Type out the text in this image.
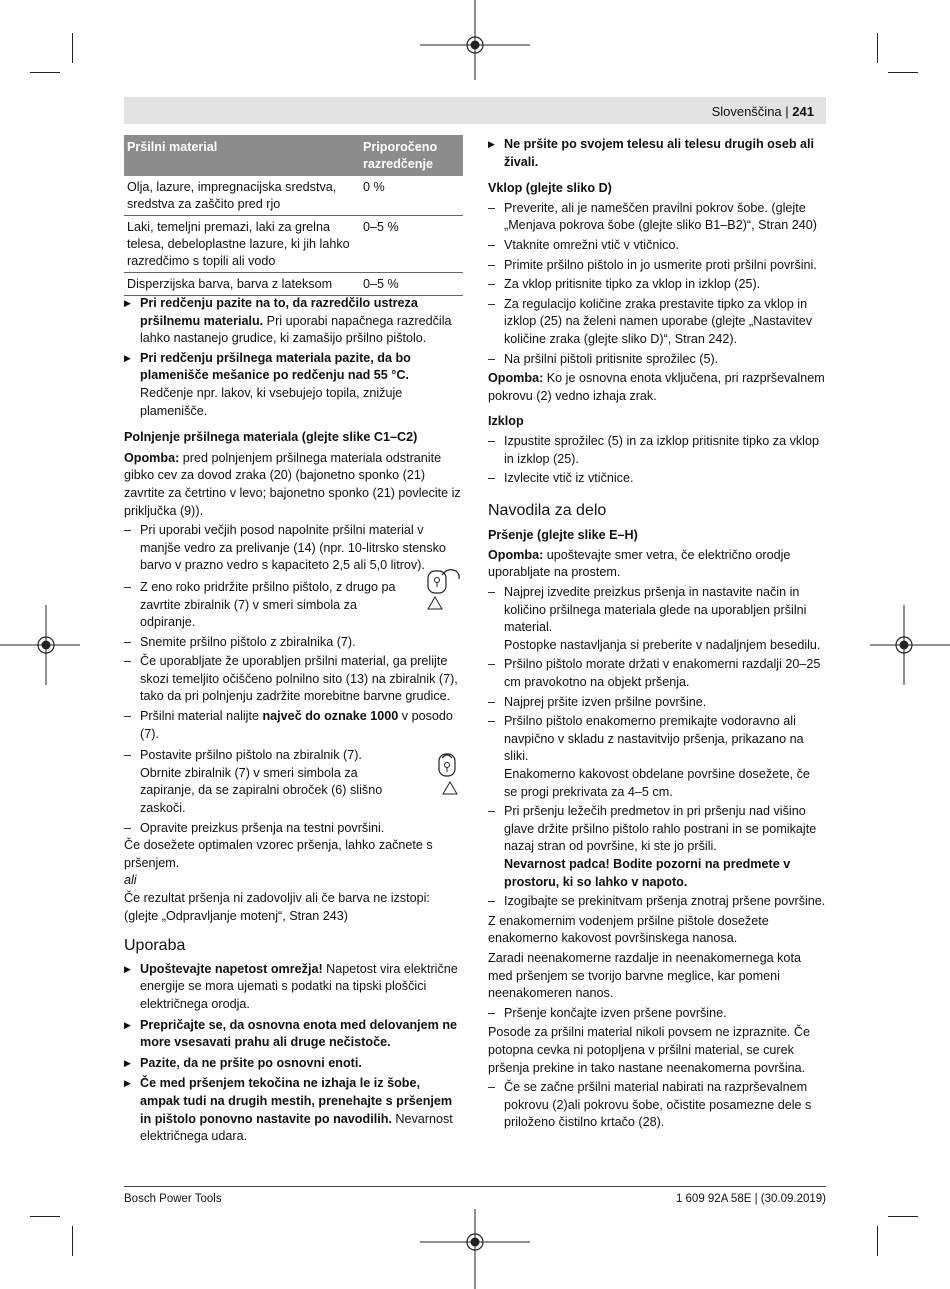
Slovenščina | 241
Pršilni material	Priporočeno razredčenje
Olja, lazure, impregnacijska sredstva, sredstva za zaščito pred rjo	0 %
Laki, temeljni premazi, laki za grelna telesa, debeloplastne lazure, ki jih lahko razredčimo s topili ali vodo	0–5 %
Disperzijska barva, barva z lateksom	0–5 %

▶ Pri redčenju pazite na to, da razredčilo ustreza pršilnemu materialu. Pri uporabi napačnega razredčila lahko nastanejo grudice, ki zamašijo pršilno pištolo.

▶ Pri redčenju pršilnega materiala pazite, da bo plamenišče mešanice po redčenju nad 55 °C. Redčenje npr. lakov, ki vsebujejo topila, znižuje plamenišče.

Polnjenje pršilnega materiala (glejte slike C1–C2)

Opomba: pred polnjenjem pršilnega materiala odstranite gibko cev za dovod zraka (20) (bajonetno sponko (21) zavrtite za četrtino v levo; bajonetno sponko (21) povlecite iz priključka (9)).

– Pri uporabi večjih posod napolnite pršilni material v manjše vedro za prelivanje (14) (npr. 10-litrsko stensko barvo v prazno vedro s kapaciteto 2,5 ali 5,0 litrov).

– Z eno roko pridržite pršilno pištolo, z drugo pa zavrtite zbiralnik (7) v smeri simbola za odpiranje.

– Snemite pršilno pištolo z zbiralnika (7).

– Če uporabljate že uporabljen pršilni material, ga prelijte skozi temeljito očiščeno polnilno sito (13) na zbiralnik (7), tako da pri polnjenju zadržite morebitne barvne grudice.

– Pršilni material nalijte največ do oznake 1000 v posodo (7).

– Postavite pršilno pištolo na zbiralnik (7). Obrnite zbiralnik (7) v smeri simbola za zapiranje, da se zapiralni obroček (6) slišno zaskoči.

– Opravite preizkus pršenja na testni površini.

Če dosežete optimalen vzorec pršenja, lahko začnete s pršenjem.

ali

Če rezultat pršenja ni zadovoljiv ali če barva ne izstopi: (glejte „Odpravljanje motenj“, Stran 243)

Uporaba

▶ Upoštevajte napetost omrežja! Napetost vira električne energije se mora ujemati s podatki na tipski ploščici električnega orodja.

▶ Prepričajte se, da osnovna enota med delovanjem ne more vsesavati prahu ali druge nečistoče.

▶ Pazite, da ne pršite po osnovni enoti.

▶ Če med pršenjem tekočina ne izhaja le iz šobe, ampak tudi na drugih mestih, prenehajte s pršenjem in pištolo ponovno nastavite po navodilih. Nevarnost električnega udara.

▶ Ne pršite po svojem telesu ali telesu drugih oseb ali živali.

Vklop (glejte sliko D)

– Preverite, ali je nameščen pravilni pokrov šobe. (glejte „Menjava pokrova šobe (glejte sliko B1–B2)“, Stran 240)

– Vtaknite omrežni vtič v vtičnico.

– Primite pršilno pištolo in jo usmerite proti pršilni površini.

– Za vklop pritisnite tipko za vklop in izklop (25).

– Za regulacijo količine zraka prestavite tipko za vklop in izklop (25) na želeni namen uporabe (glejte „Nastavitev količine zraka (glejte sliko D)“, Stran 242).

– Na pršilni pištoli pritisnite sprožilec (5).

Opomba: Ko je osnovna enota vključena, pri razprševalnem pokrovu (2) vedno izhaja zrak.

Izklop

– Izpustite sprožilec (5) in za izklop pritisnite tipko za vklop in izklop (25).

– Izvlecite vtič iz vtičnice.

Navodila za delo

Pršenje (glejte slike E–H)

Opomba: upoštevajte smer vetra, če električno orodje uporabljate na prostem.

– Najprej izvedite preizkus pršenja in nastavite način in količino pršilnega materiala glede na uporabljen pršilni material.
Postopke nastavljanja si preberite v nadaljnjem besedilu.

– Pršilno pištolo morate držati v enakomerni razdalji 20–25 cm pravokotno na objekt pršenja.

– Najprej pršite izven pršilne površine.

– Pršilno pištolo enakomerno premikajte vodoravno ali navpično v skladu z nastavitvijo pršenja, prikazano na sliki.
Enakomerno kakovost obdelane površine dosežete, če se progi prekrivata za 4–5 cm.

– Pri pršenju ležečih predmetov in pri pršenju nad višino glave držite pršilno pištolo rahlo postrani in se pomikajte nazaj stran od površine, ki ste jo pršili.
Nevarnost padca! Bodite pozorni na predmete v prostoru, ki so lahko v napoto.

– Izogibajte se prekinitvam pršenja znotraj pršene površine.

Z enakomernim vodenjem pršilne pištole dosežete enakomerno kakovost površinskega nanosa.

Zaradi neenakomerne razdalje in neenakomernega kota med pršenjem se tvorijo barvne meglice, kar pomeni neenakomeren nanos.

– Pršenje končajte izven pršene površine.

Posode za pršilni material nikoli povsem ne izpraznite. Če potopna cevka ni potopljena v pršilni material, se curek pršenja prekine in tako nastane neenakomerna površina.

– Če se začne pršilni material nabirati na razprševalnem pokrovu (2)ali pokrovu šobe, očistite posamezne dele s priloženo čistilno krtačo (28).

Bosch Power Tools	1 609 92A 58E | (30.09.2019)
